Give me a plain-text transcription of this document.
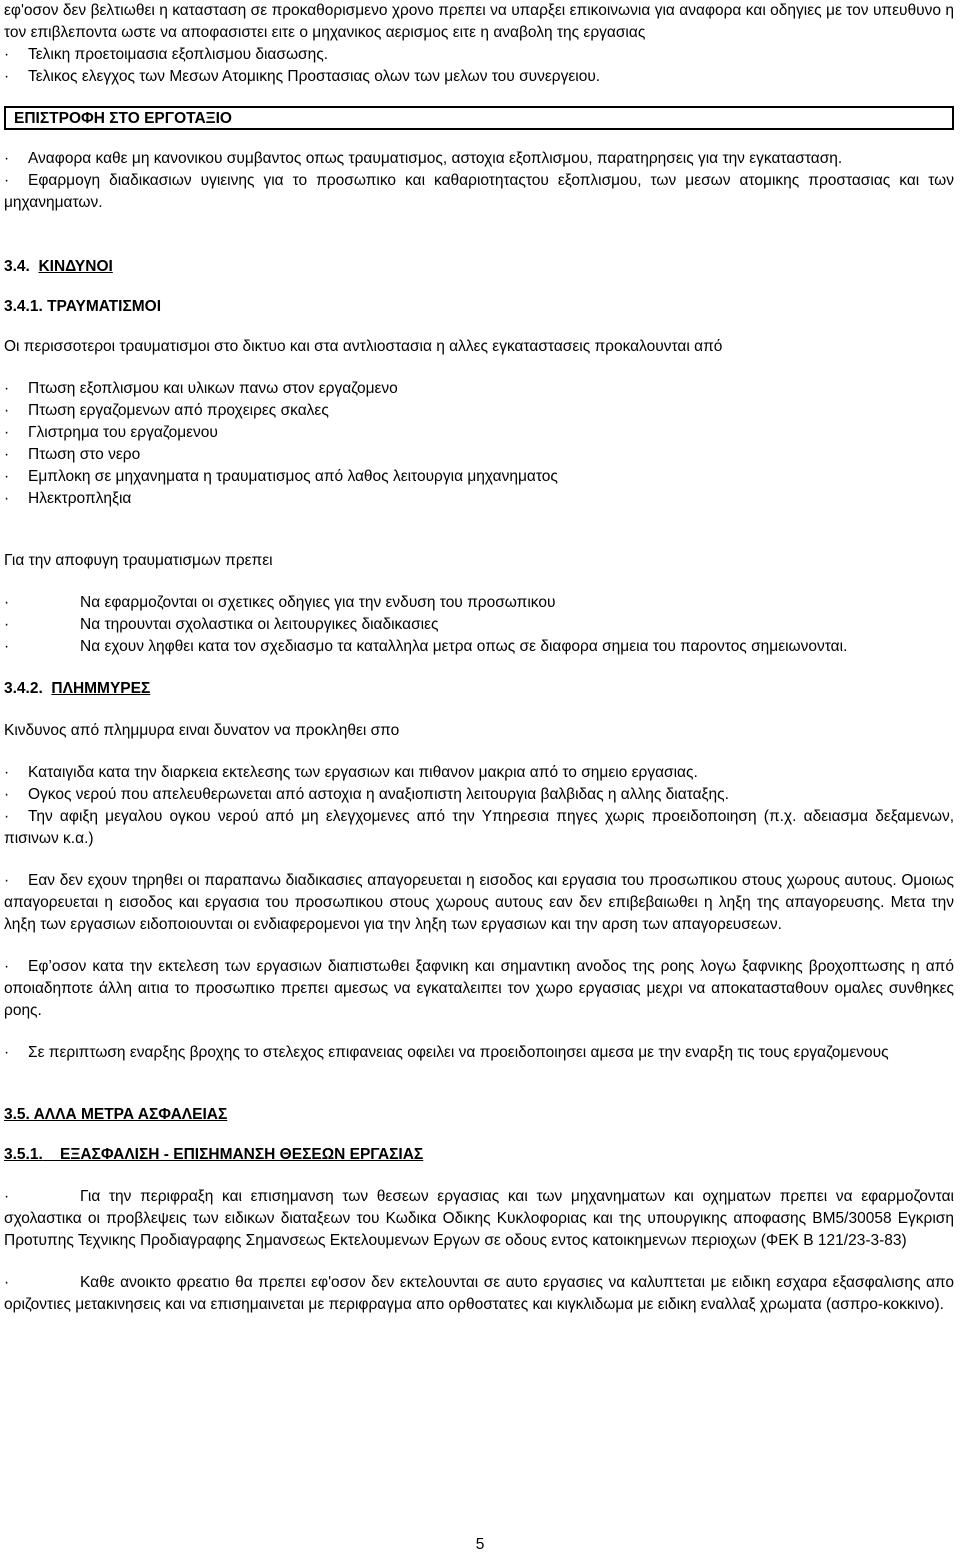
εφ'οσον δεν βελτιωθει η κατασταση σε προκαθορισμενο χρονο πρεπει να υπαρξει επικοινωνια για αναφορα και οδηγιες με τον υπευθυνο η τον επιβλεποντα ωστε να αποφασιστει ειτε ο μηχανικος αερισμος ειτε η αναβολη της εργασιας

· Τελικη προετοιμασια εξοπλισμου διασωσης.
· Τελικος ελεγχος των Μεσων Ατομικης Προστασιας ολων των μελων του συνεργειου.
ΕΠΙΣΤΡΟΦΗ ΣΤΟ ΕΡΓΟΤΑΞΙΟ
· Αναφορα καθε μη κανονικου συμβαντος οπως τραυματισμος, αστοχια εξοπλισμου, παρατηρησεις για την εγκατασταση.
· Εφαρμογη διαδικασιων υγιεινης για το προσωπικο και καθαριοτηταςτου εξοπλισμου, των μεσων ατομικης προστασιας και των μηχανηματων.

3.4. ΚΙΝΔΥΝΟΙ

3.4.1. ΤΡΑΥΜΑΤΙΣΜΟΙ

Οι περισσοτεροι τραυματισμοι στο δικτυο και στα αντλιοστασια η αλλες εγκαταστασεις προκαλουνται από

· Πτωση εξοπλισμου και υλικων πανω στον εργαζομενο
· Πτωση εργαζομενων από προχειρες σκαλες
· Γλιστρημα του εργαζομενου
· Πτωση στο νερο
· Εμπλοκη σε μηχανηματα η τραυματισμος από λαθος λειτουργια μηχανηματος
· Ηλεκτροπληξια

Για την αποφυγη τραυματισμων πρεπει

·	Να εφαρμοζονται οι σχετικες οδηγιες για την ενδυση του προσωπικου
·	Να τηρουνται σχολαστικα οι λειτουργικες διαδικασιες
·	Να εχουν ληφθει κατα τον σχεδιασμο τα καταλληλα μετρα οπως σε διαφορα σημεια του παροντος σημειωνονται.

3.4.2. ΠΛΗΜΜΥΡΕΣ

Κινδυνος από πλημμυρα ειναι δυνατον να προκληθει σπο

· Καταιγιδα κατα την διαρκεια εκτελεσης των εργασιων και πιθανον μακρια από το σημειο εργασιας.
· Ογκος νερού που απελευθερωνεται από αστοχια η αναξιοπιστη λειτουργια βαλβιδας η αλλης διαταξης.
· Την αφιξη μεγαλου ογκου νερού από μη ελεγχομενες από την Υπηρεσια πηγες χωρις προειδοποιηση (π.χ. αδειασμα δεξαμενων, πισινων κ.α.)
· Εαν δεν εχουν τηρηθει οι παραπανω διαδικασιες απαγορευεται η εισοδος και εργασια του προσωπικου στους χωρους αυτους. Ομοιως απαγορευεται η εισοδος και εργασια του προσωπικου στους χωρους αυτους εαν δεν επιβεβαιωθει η ληξη της απαγορευσης. Μετα την ληξη των εργασιων ειδοποιουνται οι ενδιαφερομενοι για την ληξη των εργασιων και την αρση των απαγορευσεων.
· Εφ’οσον κατα την εκτελεση των εργασιων διαπιστωθει ξαφνικη και σημαντικη ανοδος της ροης λογω ξαφνικης βροχοπτωσης η από οποιαδηποτε άλλη αιτια το προσωπικο πρεπει αμεσως να εγκαταλειπει τον χωρο εργασιας μεχρι να αποκατασταθουν ομαλες συνθηκες ροης.
· Σε περιπτωση εναρξης βροχης το στελεχος επιφανειας οφειλει να προειδοποιησει αμεσα με την εναρξη τις τους εργαζομενους

3.5. ΑΛΛΑ ΜΕΤΡΑ ΑΣΦΑΛΕΙΑΣ

3.5.1. ΕΞΑΣΦΑΛΙΣΗ - ΕΠΙΣΗΜΑΝΣΗ ΘΕΣΕΩΝ ΕΡΓΑΣΙΑΣ

·	Για την περιφραξη και επισημανση των θεσεων εργασιας και των μηχανηματων και οχηματων πρεπει να εφαρμοζονται σχολαστικα οι προβλεψεις των ειδικων διαταξεων του Κωδικα Οδικης Κυκλοφοριας και της υπουργικης αποφασης ΒΜ5/30058 Εγκριση Προτυπης Τεχνικης Προδιαγραφης Σημανσεως Εκτελουμενων Εργων σε οδους εντος κατοικημενων περιοχων (ΦΕΚ Β 121/23-3-83)
·	Καθε ανοικτο φρεατιο θα πρεπει εφ'οσον δεν εκτελουνται σε αυτο εργασιες να καλυπτεται με ειδικη εσχαρα εξασφαλισης απο οριζοντιες μετακινησεις και να επισημαινεται με περιφραγμα απο ορθοστατες και κιγκλιδωμα με ειδικη εναλλαξ χρωματα (ασπρο-κοκκινο).
5
